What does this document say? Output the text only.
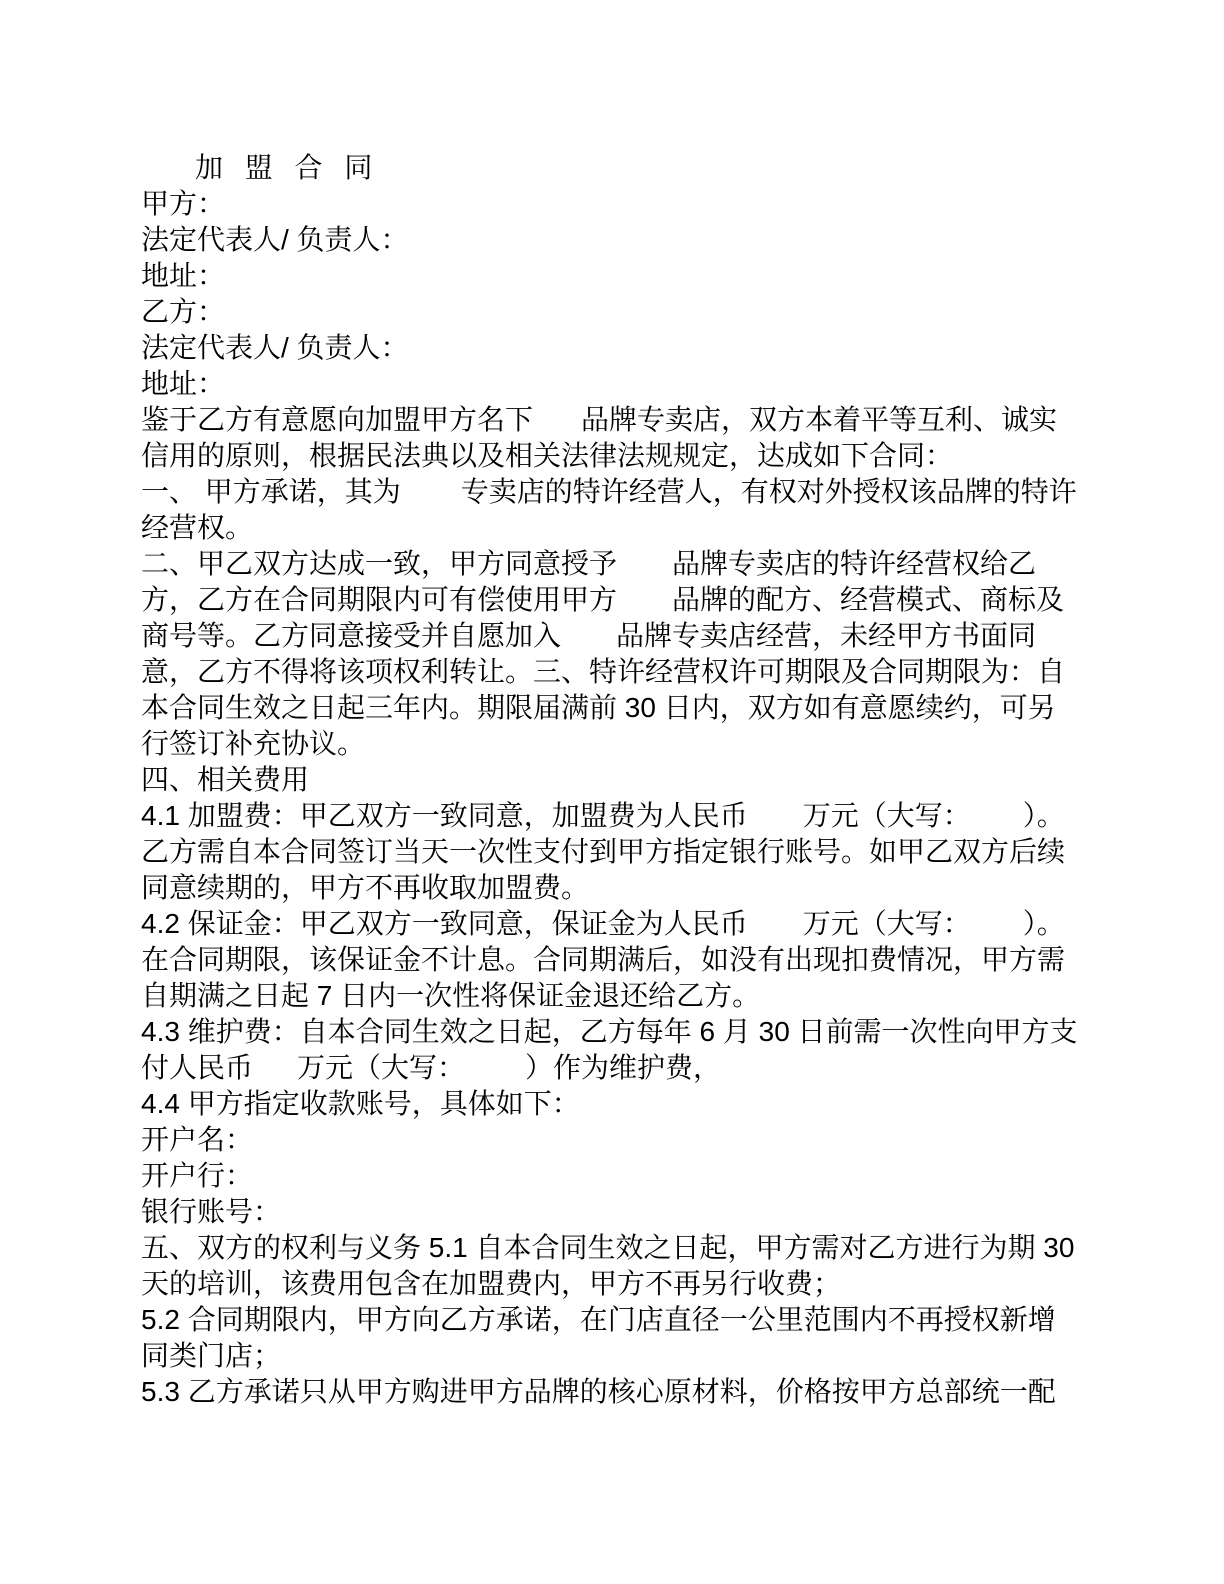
加 盟 合 同

甲方：

法定代表人/ 负责人：

地址：

乙方：

法定代表人/ 负责人：

地址：

鉴于乙方有意愿向加盟甲方名下 品牌专卖店，双方本着平等互利、诚实信用的原则，根据民法典以及相关法律法规规定，达成如下合同：

一、 甲方承诺，其为 专卖店的特许经营人，有权对外授权该品牌的特许经营权。

二、甲乙双方达成一致，甲方同意授予 品牌专卖店的特许经营权给乙方，乙方在合同期限内可有偿使用甲方 品牌的配方、经营模式、商标及商号等。乙方同意接受并自愿加入 品牌专卖店经营，未经甲方书面同意，乙方不得将该项权利转让。三、特许经营权许可期限及合同期限为：自本合同生效之日起三年内。期限届满前 30 日内，双方如有意愿续约，可另行签订补充协议。

四、相关费用

4.1 加盟费：甲乙双方一致同意，加盟费为人民币 万元（大写： ）。乙方需自本合同签订当天一次性支付到甲方指定银行账号。如甲乙双方后续同意续期的，甲方不再收取加盟费。

4.2 保证金：甲乙双方一致同意，保证金为人民币 万元（大写： ）。在合同期限，该保证金不计息。合同期满后，如没有出现扣费情况，甲方需自期满之日起 7 日内一次性将保证金退还给乙方。

4.3 维护费：自本合同生效之日起，乙方每年 6 月 30 日前需一次性向甲方支付人民币 万元（大写： ）作为维护费，

4.4 甲方指定收款账号，具体如下：

开户名：

开户行：

银行账号：

五、双方的权利与义务 5.1 自本合同生效之日起，甲方需对乙方进行为期 30 天的培训，该费用包含在加盟费内，甲方不再另行收费；

5.2 合同期限内，甲方向乙方承诺，在门店直径一公里范围内不再授权新增同类门店；

5.3 乙方承诺只从甲方购进甲方品牌的核心原材料，价格按甲方总部统一配
